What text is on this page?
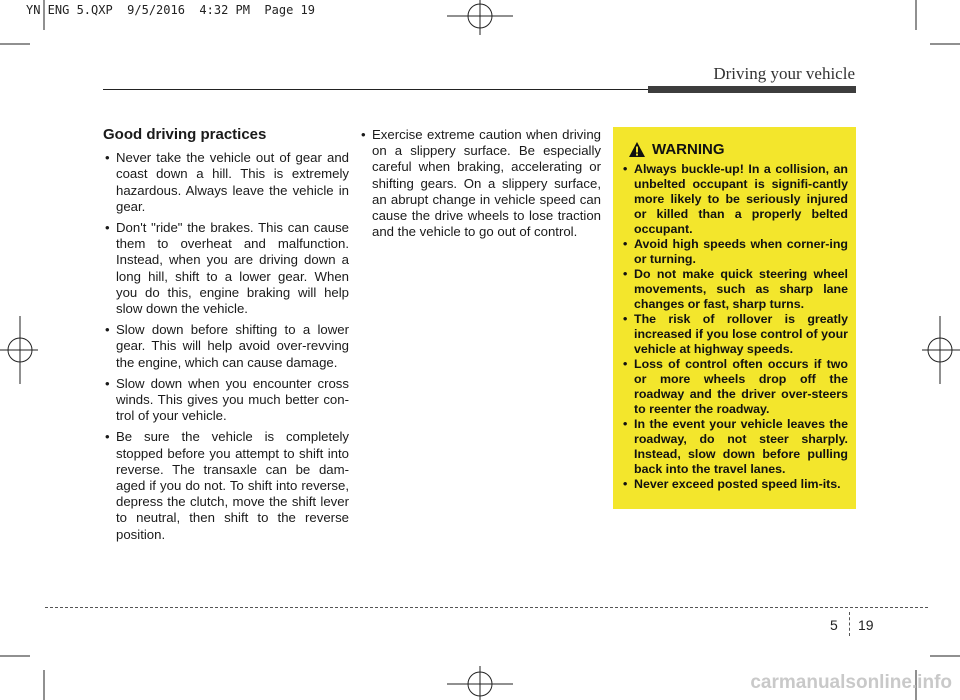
YN ENG 5.QXP  9/5/2016  4:32 PM  Page 19
Driving your vehicle
Good driving practices
• Never take the vehicle out of gear and coast down a hill. This is extremely hazardous. Always leave the vehicle in gear.
• Don't "ride" the brakes. This can cause them to overheat and malfunction. Instead, when you are driving down a long hill, shift to a lower gear. When you do this, engine braking will help slow down the vehicle.
• Slow down before shifting to a lower gear. This will help avoid over-revving the engine, which can cause damage.
• Slow down when you encounter cross winds. This gives you much better con-trol of your vehicle.
• Be sure the vehicle is completely stopped before you attempt to shift into reverse. The transaxle can be dam-aged if you do not. To shift into reverse, depress the clutch, move the shift lever to neutral, then shift to the reverse position.
• Exercise extreme caution when driving on a slippery surface. Be especially careful when braking, accelerating or shifting gears. On a slippery surface, an abrupt change in vehicle speed can cause the drive wheels to lose traction and the vehicle to go out of control.
WARNING
• Always buckle-up! In a collision, an unbelted occupant is signifi-cantly more likely to be seriously injured or killed than a properly belted occupant.
• Avoid high speeds when corner-ing or turning.
• Do not make quick steering wheel movements, such as sharp lane changes or fast, sharp turns.
• The risk of rollover is greatly increased if you lose control of your vehicle at highway speeds.
• Loss of control often occurs if two or more wheels drop off the roadway and the driver over-steers to reenter the roadway.
• In the event your vehicle leaves the roadway, do not steer sharply. Instead, slow down before pulling back into the travel lanes.
• Never exceed posted speed lim-its.
5 19
carmanualsonline.info
